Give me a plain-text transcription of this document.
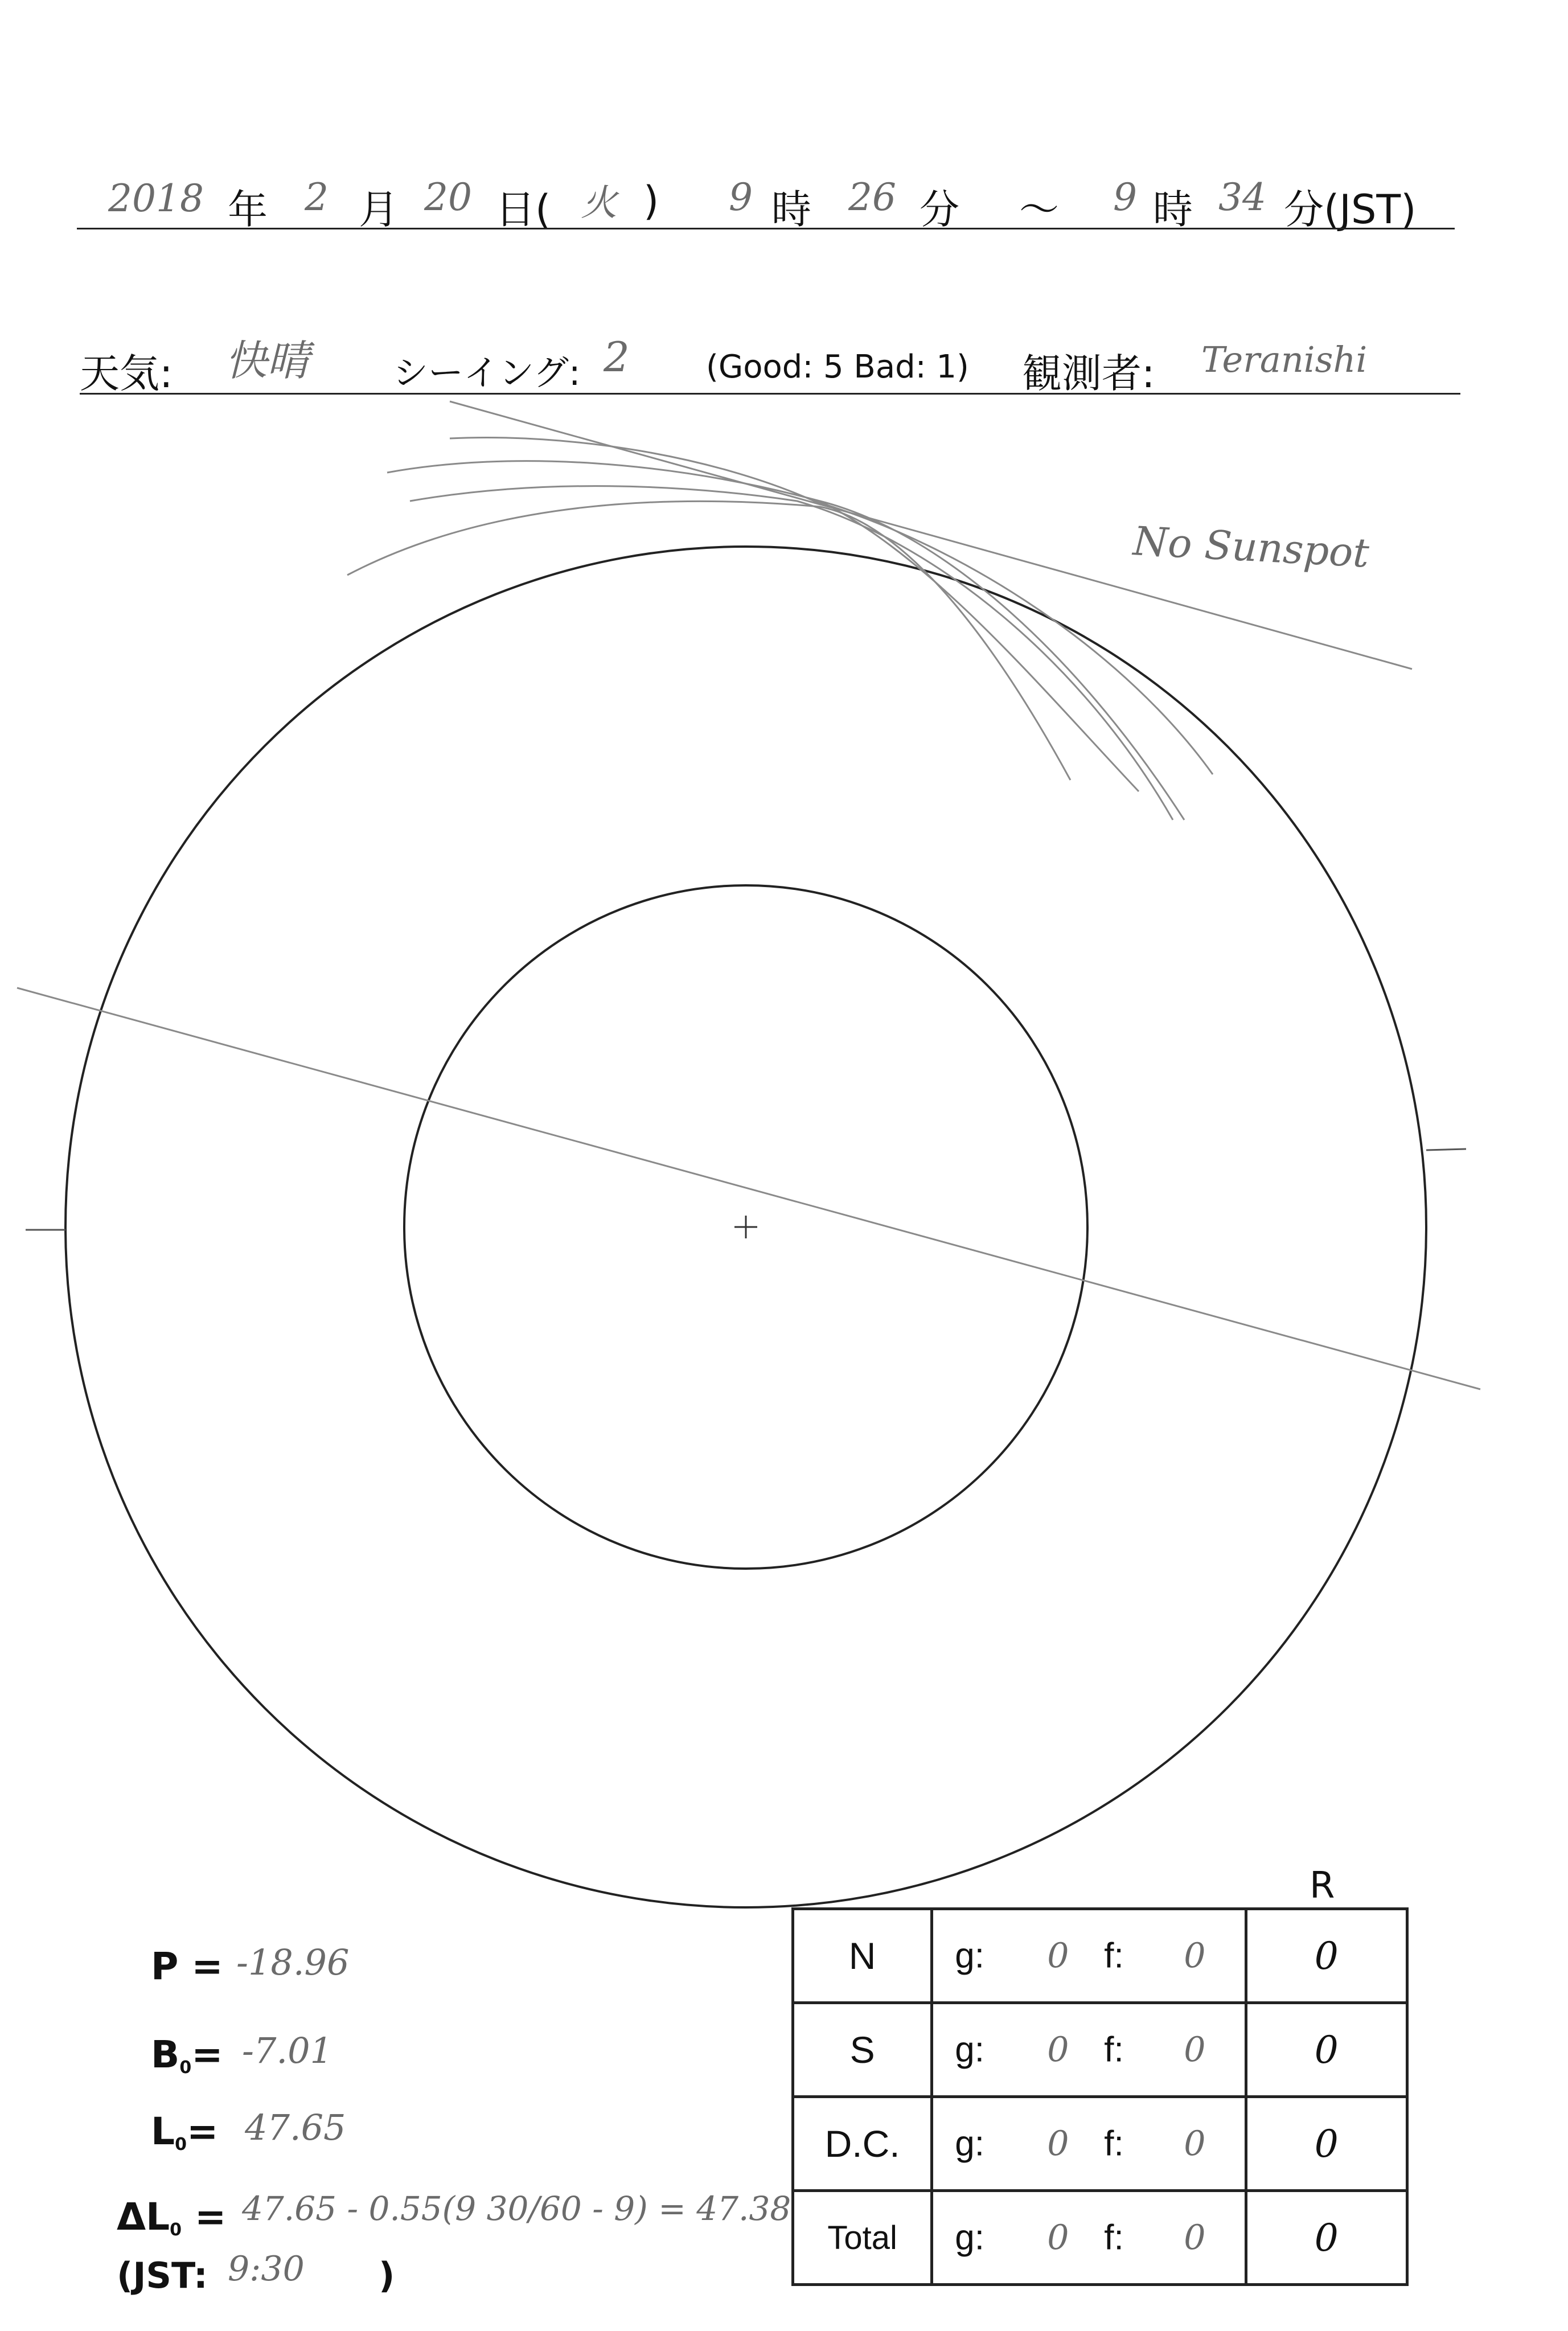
2018 年 2 月 20 日( 火 ) 9 時 26 分 ～ 9 時 34 分(JST)
天気: 快晴 シーイング: 2 (Good: 5 Bad: 1) 観測者: Teranishi
No Sunspot
P = -18.96
$B_0= -7.01$
$L_0= 47.65$
$\Delta L_0 = 47.65 - 0.55(9$ 30/60 - 9) = 47.38
(JST: 9:30 )
R
N	g: 0 f: 0	0
S	g: 0 f: 0	0
D.C.	g: 0 f: 0	0
Total	g: 0 f: 0	0
